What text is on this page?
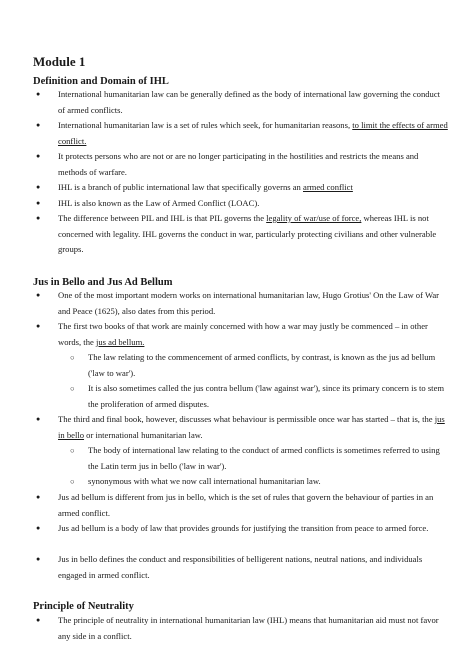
Module 1
Definition and Domain of IHL
● International humanitarian law can be generally defined as the body of international law governing the conduct of armed conflicts.
● International humanitarian law is a set of rules which seek, for humanitarian reasons, to limit the effects of armed conflict.
● It protects persons who are not or are no longer participating in the hostilities and restricts the means and methods of warfare.
● IHL is a branch of public international law that specifically governs an armed conflict
● IHL is also known as the Law of Armed Conflict (LOAC).
● The difference between PIL and IHL is that PIL governs the legality of war/use of force, whereas IHL is not concerned with legality. IHL governs the conduct in war, particularly protecting civilians and other vulnerable groups.
Jus in Bello and Jus Ad Bellum
● One of the most important modern works on international humanitarian law, Hugo Grotius' On the Law of War and Peace (1625), also dates from this period.
● The first two books of that work are mainly concerned with how a war may justly be commenced – in other words, the jus ad bellum.
○ The law relating to the commencement of armed conflicts, by contrast, is known as the jus ad bellum ('law to war').
○ It is also sometimes called the jus contra bellum ('law against war'), since its primary concern is to stem the proliferation of armed disputes.
● The third and final book, however, discusses what behaviour is permissible once war has started – that is, the jus in bello or international humanitarian law.
○ The body of international law relating to the conduct of armed conflicts is sometimes referred to using the Latin term jus in bello ('law in war').
○ synonymous with what we now call international humanitarian law.
● Jus ad bellum is different from jus in bello, which is the set of rules that govern the behaviour of parties in an armed conflict.
● Jus ad bellum is a body of law that provides grounds for justifying the transition from peace to armed force.
● Jus in bello defines the conduct and responsibilities of belligerent nations, neutral nations, and individuals engaged in armed conflict.
Principle of Neutrality
● The principle of neutrality in international humanitarian law (IHL) means that humanitarian aid must not favor any side in a conflict.
